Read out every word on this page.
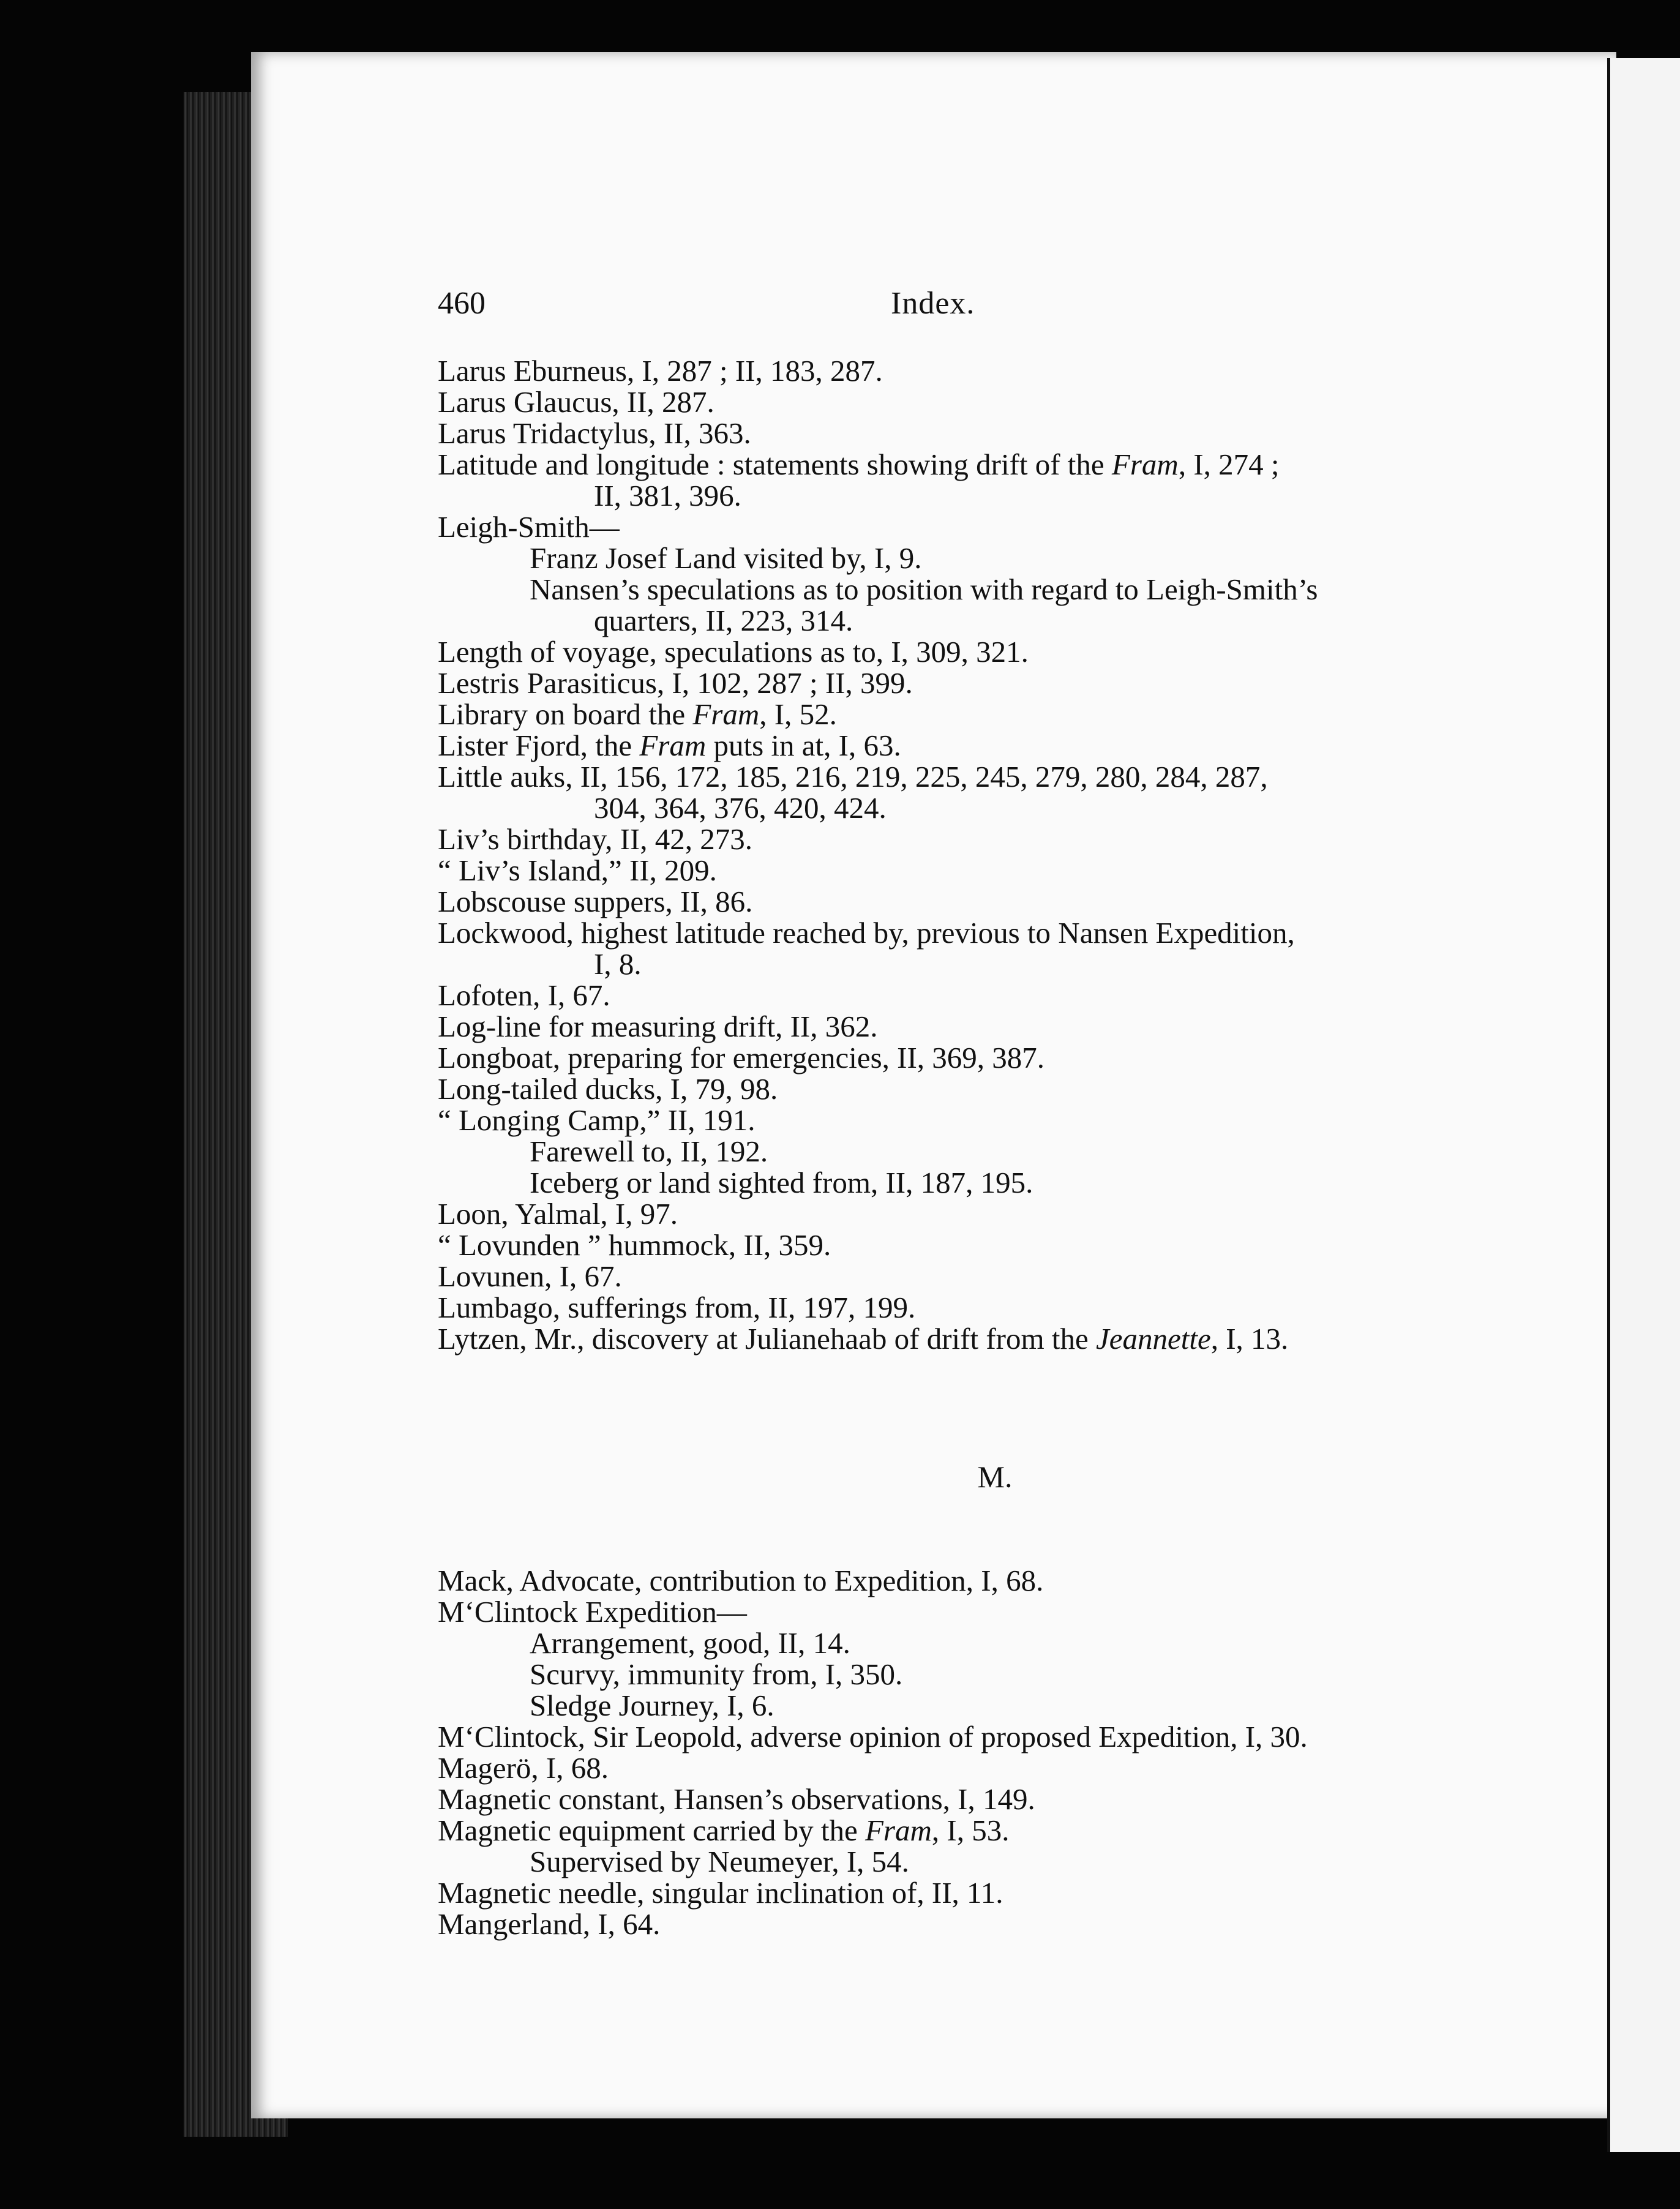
460	Index.
Larus Eburneus, I, 287 ; II, 183, 287.
Larus Glaucus, II, 287.
Larus Tridactylus, II, 363.
Latitude and longitude : statements showing drift of the Fram, I, 274 ;
II, 381, 396.
Leigh-Smith—
Franz Josef Land visited by, I, 9.
Nansen’s speculations as to position with regard to Leigh-Smith’s
quarters, II, 223, 314.
Length of voyage, speculations as to, I, 309, 321.
Lestris Parasiticus, I, 102, 287 ; II, 399.
Library on board the Fram, I, 52.
Lister Fjord, the Fram puts in at, I, 63.
Little auks, II, 156, 172, 185, 216, 219, 225, 245, 279, 280, 284, 287,
304, 364, 376, 420, 424.
Liv’s birthday, II, 42, 273.
“ Liv’s Island,” II, 209.
Lobscouse suppers, II, 86.
Lockwood, highest latitude reached by, previous to Nansen Expedition,
I, 8.
Lofoten, I, 67.
Log-line for measuring drift, II, 362.
Longboat, preparing for emergencies, II, 369, 387.
Long-tailed ducks, I, 79, 98.
“ Longing Camp,” II, 191.
Farewell to, II, 192.
Iceberg or land sighted from, II, 187, 195.
Loon, Yalmal, I, 97.
“ Lovunden ” hummock, II, 359.
Lovunen, I, 67.
Lumbago, sufferings from, II, 197, 199.
Lytzen, Mr., discovery at Julianehaab of drift from the Jeannette, I, 13.
M.
Mack, Advocate, contribution to Expedition, I, 68.
M‘Clintock Expedition—
Arrangement, good, II, 14.
Scurvy, immunity from, I, 350.
Sledge Journey, I, 6.
M‘Clintock, Sir Leopold, adverse opinion of proposed Expedition, I, 30.
Magerö, I, 68.
Magnetic constant, Hansen’s observations, I, 149.
Magnetic equipment carried by the Fram, I, 53.
Supervised by Neumeyer, I, 54.
Magnetic needle, singular inclination of, II, 11.
Mangerland, I, 64.
